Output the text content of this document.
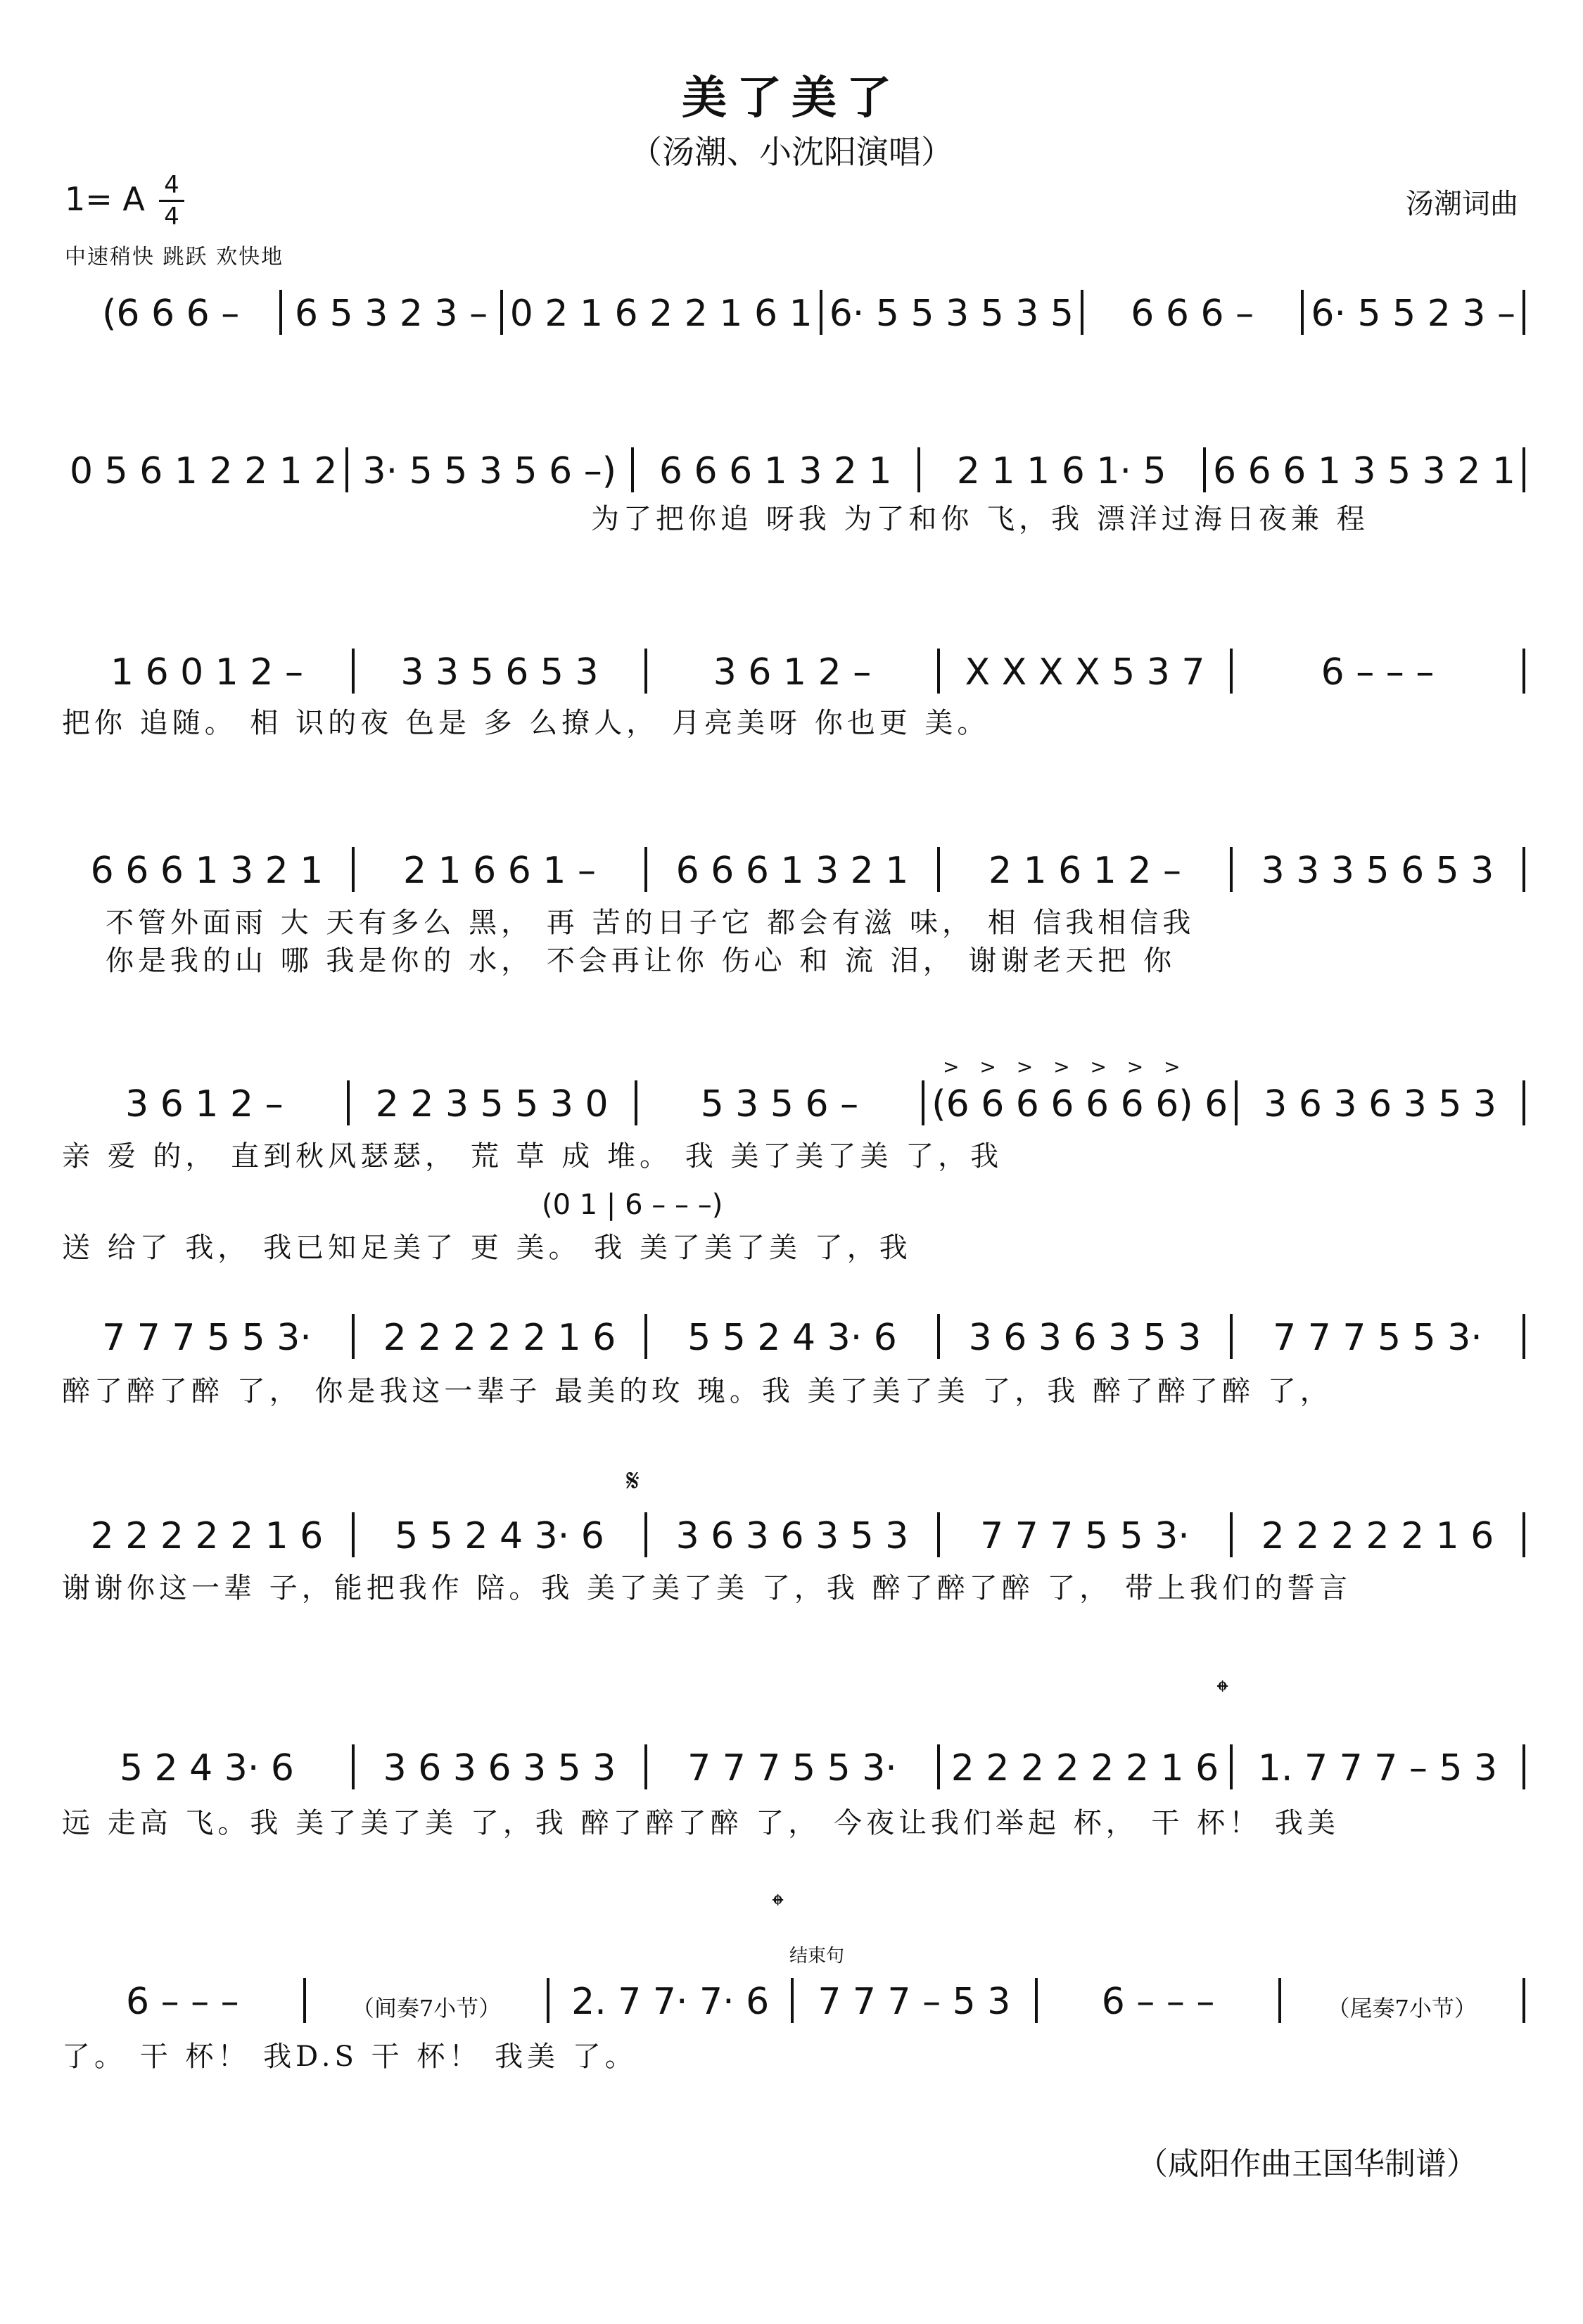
美了美了
（汤潮、小沈阳演唱）
1= A 4
4	汤潮词曲
中速稍快 跳跃 欢快地
(6 6 6 –	6 5 3 2 3 – 0 2 1 6 2 2 1 6 1 6· 5 5 3 5 3 5	6 6 6 –	6· 5 5 2 3 –
0 5 6 1 2 2 1 2 3· 5 5 3 5 6 –)	6 6 6 1 3 2 1	2 1 1 6 1· 5	6 6 6 1 3 5 3 2 1
为了把你追 呀我 为了和你 飞，我 漂洋过海日夜兼 程
1 6 0 1 2 –	3 3 5 6 5 3	3 6 1 2 –	X X X X 5 3 7	6 – – –
把你 追随。 相 识的夜 色是 多 么撩人， 月亮美呀 你也更 美。
6 6 6 1 3 2 1	2 1 6 6 1 –	6 6 6 1 3 2 1	2 1 6 1 2 –	3 3 3 5 6 5 3
不管外面雨 大 天有多么 黑， 再 苦的日子它 都会有滋 味， 相 信我相信我
你是我的山 哪 我是你的 水， 不会再让你 伤心 和 流 泪， 谢谢老天把 你
> > > > > > >
3 6 1 2 –	2 2 3 5 5 3 0	5 3 5 6 –	(6 6 6 6 6 6 6) 6 3 6 3 6 3 5 3
亲 爱 的， 直到秋风瑟瑟， 荒 草 成 堆。 我 美了美了美 了，我
(0 1 | 6 – – –)
送 给了 我， 我已知足美了 更 美。 我 美了美了美 了，我
7 7 7 5 5 3·	2 2 2 2 2 1 6	5 5 2 4 3· 6	3 6 3 6 3 5 3	7 7 7 5 5 3·
醉了醉了醉 了， 你是我这一辈子 最美的玫 瑰。我 美了美了美 了，我 醉了醉了醉 了，
𝄋
2 2 2 2 2 1 6	5 5 2 4 3· 6	3 6 3 6 3 5 3	7 7 7 5 5 3·	2 2 2 2 2 1 6
谢谢你这一辈 子，能把我作 陪。我 美了美了美 了，我 醉了醉了醉 了， 带上我们的誓言
𝄌
5 2 4 3· 6	3 6 3 6 3 5 3	7 7 7 5 5 3·	2 2 2 2 2 2 1 6	1. 7 7 7 – 5 3
远 走高 飞。我 美了美了美 了，我 醉了醉了醉 了， 今夜让我们举起 杯， 干 杯！ 我美
𝄌
结束句
6 – – –	（间奏7小节）	2. 7 7· 7· 6	7 7 7 – 5 3	6 – – –	（尾奏7小节）
了。 干 杯！ 我D.S 干 杯！ 我美 了。
（咸阳作曲王国华制谱）
